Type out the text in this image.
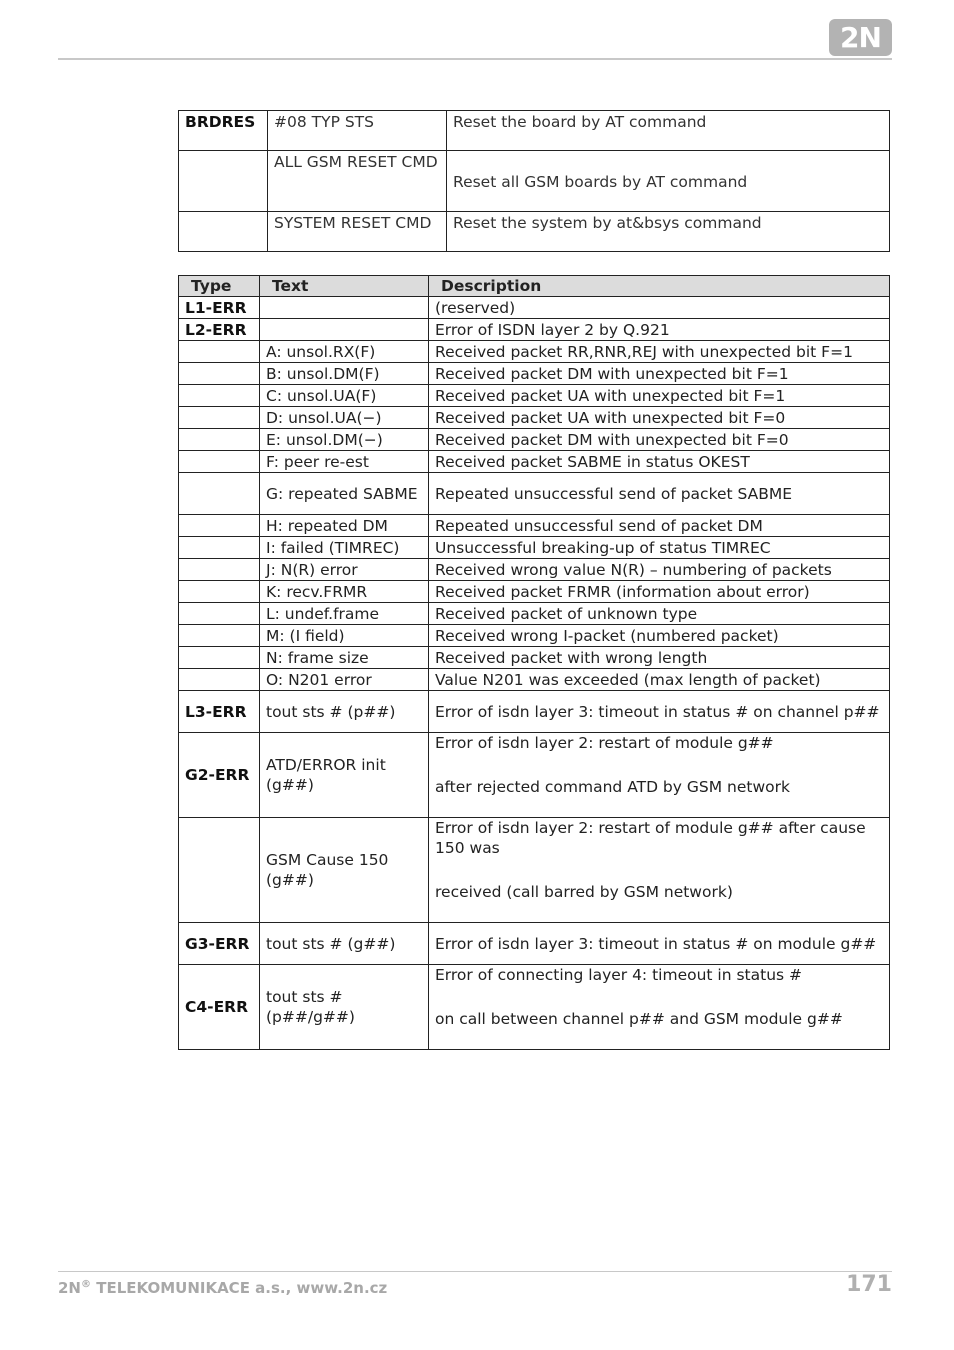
2N
BRDRES	#08 TYP STS	Reset the board by AT command
	ALL GSM RESET CMD	Reset all GSM boards by AT command
	SYSTEM RESET CMD	Reset the system by at&bsys command
Type	Text	Description
L1-ERR		(reserved)
L2-ERR		Error of ISDN layer 2 by Q.921
	A: unsol.RX(F)	Received packet RR,RNR,REJ with unexpected bit F=1
	B: unsol.DM(F)	Received packet DM with unexpected bit F=1
	C: unsol.UA(F)	Received packet UA with unexpected bit F=1
	D: unsol.UA(−)	Received packet UA with unexpected bit F=0
	E: unsol.DM(−)	Received packet DM with unexpected bit F=0
	F: peer re-est	Received packet SABME in status OKEST
	G: repeated SABME	Repeated unsuccessful send of packet SABME
	H: repeated DM	Repeated unsuccessful send of packet DM
	I: failed (TIMREC)	Unsuccessful breaking-up of status TIMREC
	J: N(R) error	Received wrong value N(R) – numbering of packets
	K: recv.FRMR	Received packet FRMR (information about error)
	L: undef.frame	Received packet of unknown type
	M: (I field)	Received wrong I-packet (numbered packet)
	N: frame size	Received packet with wrong length
	O: N201 error	Value N201 was exceeded (max length of packet)
L3-ERR	tout sts # (p##)	Error of isdn layer 3: timeout in status # on channel p##
G2-ERR	ATD/ERROR init (g##)	Error of isdn layer 2: restart of module g##
after rejected command ATD by GSM network
	GSM Cause 150 (g##)	Error of isdn layer 2: restart of module g## after cause 150 was
received (call barred by GSM network)
G3-ERR	tout sts # (g##)	Error of isdn layer 3: timeout in status # on module g##
C4-ERR	tout sts # (p##/g##)	Error of connecting layer 4: timeout in status #
on call between channel p## and GSM module g##
2N® TELEKOMUNIKACE a.s., www.2n.cz	171
